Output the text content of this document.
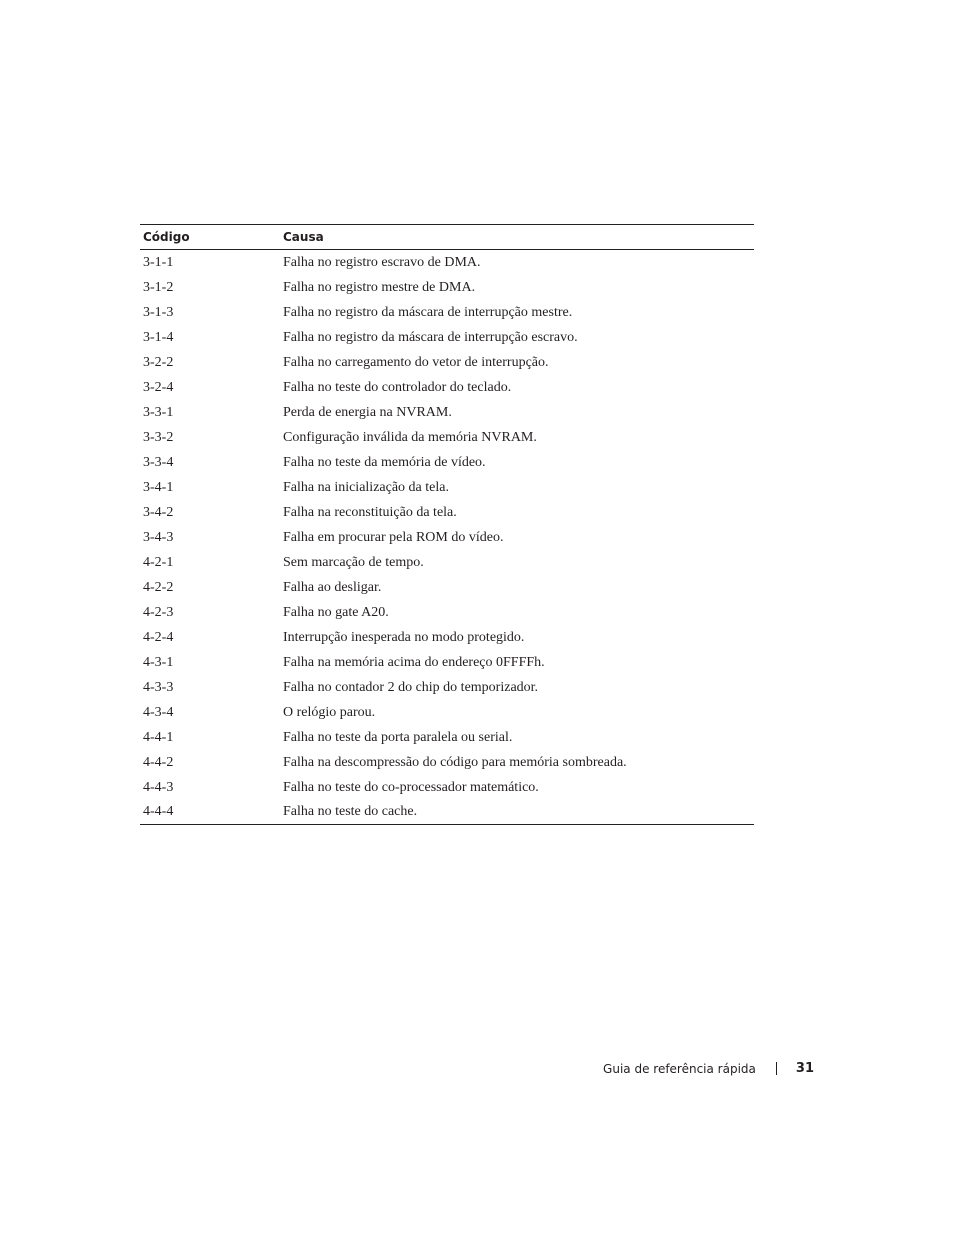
Código	Causa
3-1-1	Falha no registro escravo de DMA.
3-1-2	Falha no registro mestre de DMA.
3-1-3	Falha no registro da máscara de interrupção mestre.
3-1-4	Falha no registro da máscara de interrupção escravo.
3-2-2	Falha no carregamento do vetor de interrupção.
3-2-4	Falha no teste do controlador do teclado.
3-3-1	Perda de energia na NVRAM.
3-3-2	Configuração inválida da memória NVRAM.
3-3-4	Falha no teste da memória de vídeo.
3-4-1	Falha na inicialização da tela.
3-4-2	Falha na reconstituição da tela.
3-4-3	Falha em procurar pela ROM do vídeo.
4-2-1	Sem marcação de tempo.
4-2-2	Falha ao desligar.
4-2-3	Falha no gate A20.
4-2-4	Interrupção inesperada no modo protegido.
4-3-1	Falha na memória acima do endereço 0FFFFh.
4-3-3	Falha no contador 2 do chip do temporizador.
4-3-4	O relógio parou.
4-4-1	Falha no teste da porta paralela ou serial.
4-4-2	Falha na descompressão do código para memória sombreada.
4-4-3	Falha no teste do co-processador matemático.
4-4-4	Falha no teste do cache.
Guia de referência rápida	31
